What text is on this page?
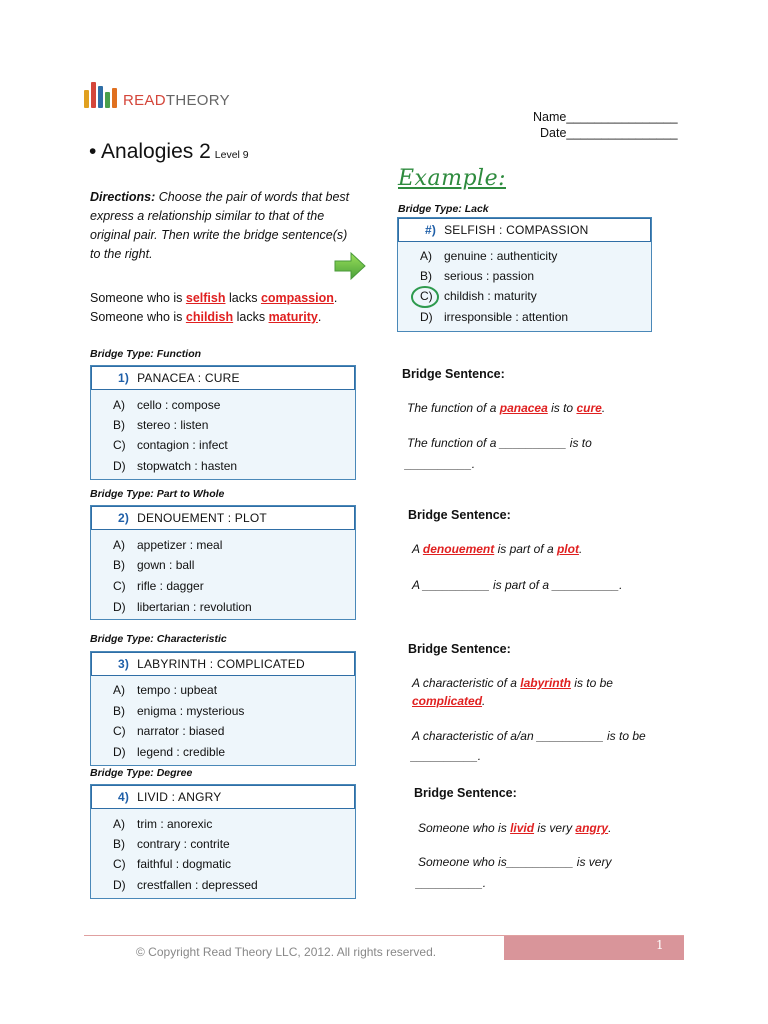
READTHEORY
Name________________
Date________________
• Analogies 2 Level 9
Directions: Choose the pair of words that best express a relationship similar to that of the original pair. Then write the bridge sentence(s) to the right.
Someone who is selfish lacks compassion.
Someone who is childish lacks maturity.
Example:
Bridge Type: Lack
#) SELFISH : COMPASSION
A) genuine : authenticity
B) serious : passion
C) childish : maturity
D) irresponsible : attention
Bridge Type: Function
1) PANACEA : CURE
A) cello : compose
B) stereo : listen
C) contagion : infect
D) stopwatch : hasten
Bridge Sentence:
The function of a panacea is to cure.
The function of a __________ is to
__________.
Bridge Type: Part to Whole
2) DENOUEMENT : PLOT
A) appetizer : meal
B) gown : ball
C) rifle : dagger
D) libertarian : revolution
Bridge Sentence:
A denouement is part of a plot.
A __________ is part of a __________.
Bridge Type: Characteristic
3) LABYRINTH : COMPLICATED
A) tempo : upbeat
B) enigma : mysterious
C) narrator : biased
D) legend : credible
Bridge Sentence:
A characteristic of a labyrinth is to be
complicated.
A characteristic of a/an __________ is to be
__________.
Bridge Type: Degree
4) LIVID : ANGRY
A) trim : anorexic
B) contrary : contrite
C) faithful : dogmatic
D) crestfallen : depressed
Bridge Sentence:
Someone who is livid is very angry.
Someone who is__________ is very
__________.
© Copyright Read Theory LLC, 2012. All rights reserved.	1
